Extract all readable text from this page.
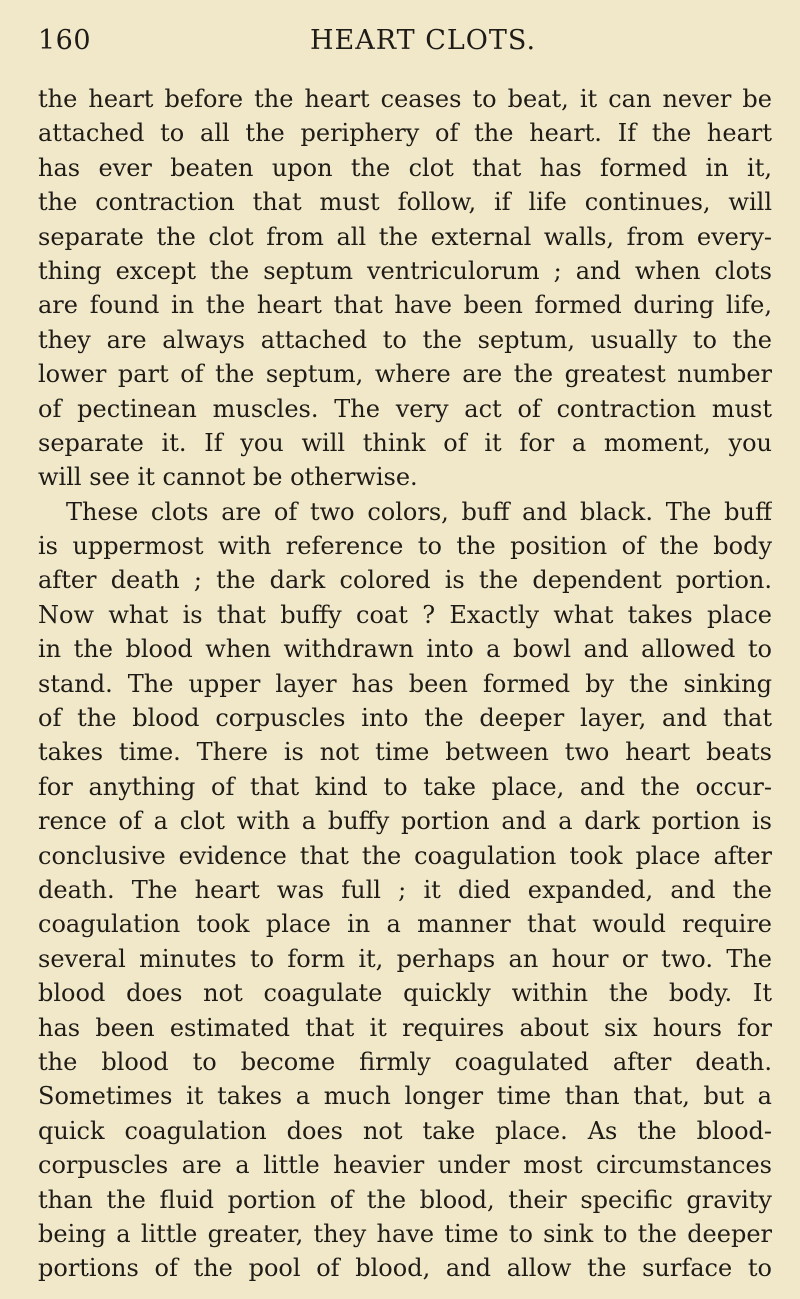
160	HEART CLOTS.
the heart before the heart ceases to beat, it can never be
attached to all the periphery of the heart. If the heart
has ever beaten upon the clot that has formed in it,
the contraction that must follow, if life continues, will
separate the clot from all the external walls, from every-
thing except the septum ventriculorum ; and when clots
are found in the heart that have been formed during life,
they are always attached to the septum, usually to the
lower part of the septum, where are the greatest number
of pectinean muscles. The very act of contraction must
separate it. If you will think of it for a moment, you
will see it cannot be otherwise.
These clots are of two colors, buff and black. The buff
is uppermost with reference to the position of the body
after death ; the dark colored is the dependent portion.
Now what is that buffy coat ? Exactly what takes place
in the blood when withdrawn into a bowl and allowed to
stand. The upper layer has been formed by the sinking
of the blood corpuscles into the deeper layer, and that
takes time. There is not time between two heart beats
for anything of that kind to take place, and the occur-
rence of a clot with a buffy portion and a dark portion is
conclusive evidence that the coagulation took place after
death. The heart was full ; it died expanded, and the
coagulation took place in a manner that would require
several minutes to form it, perhaps an hour or two. The
blood does not coagulate quickly within the body. It
has been estimated that it requires about six hours for
the blood to become firmly coagulated after death.
Sometimes it takes a much longer time than that, but a
quick coagulation does not take place. As the blood-
corpuscles are a little heavier under most circumstances
than the fluid portion of the blood, their specific gravity
being a little greater, they have time to sink to the deeper
portions of the pool of blood, and allow the surface to
